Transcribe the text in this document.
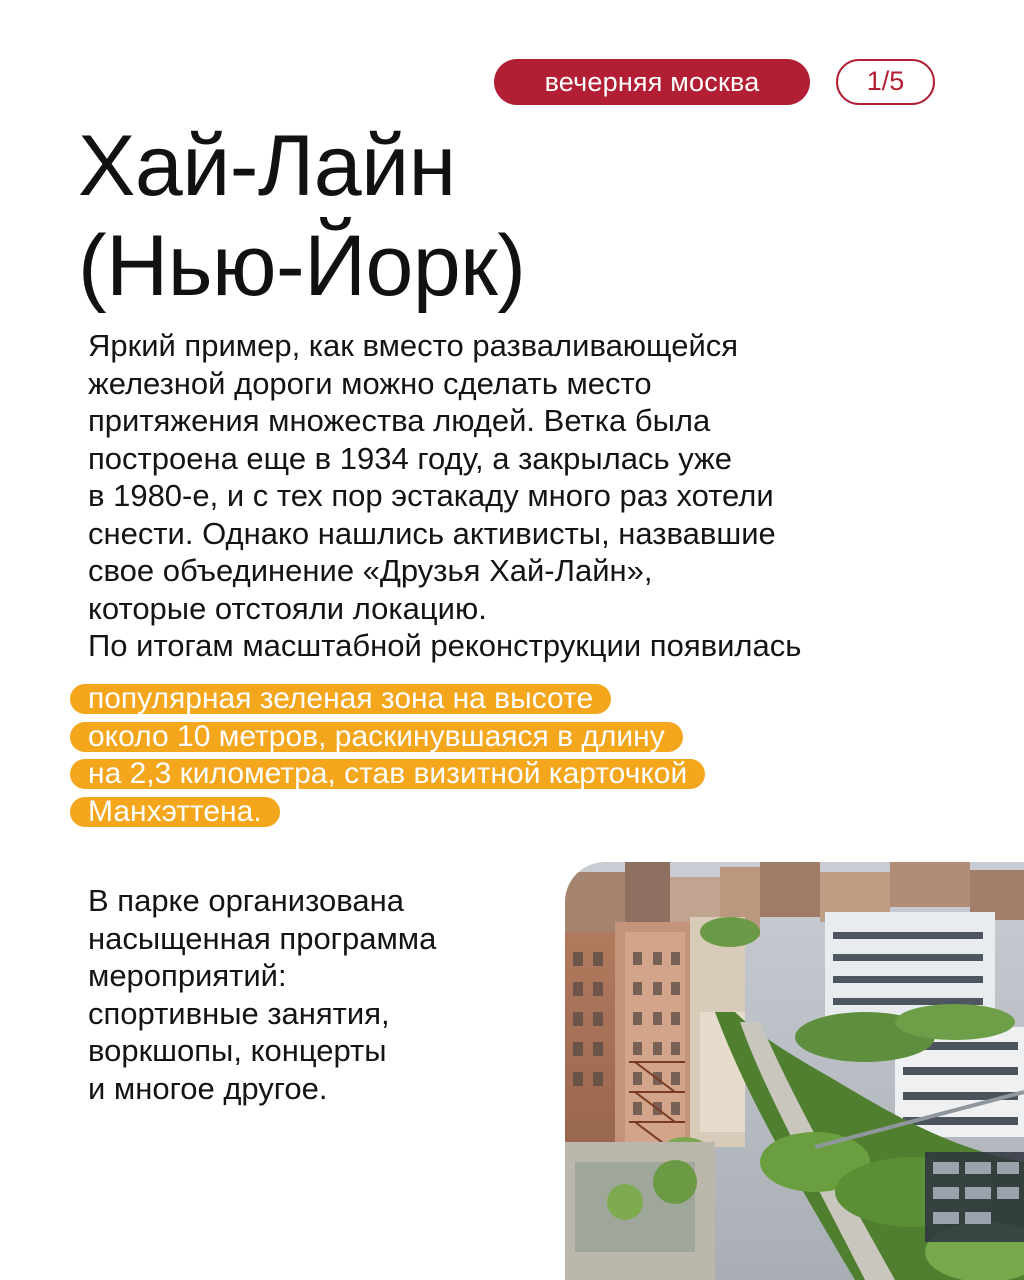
вечерняя москва	1/5
Хай-Лайн
(Нью-Йорк)
Яркий пример, как вместо разваливающейся
железной дороги можно сделать место
притяжения множества людей. Ветка была
построена еще в 1934 году, а закрылась уже
в 1980-е, и с тех пор эстакаду много раз хотели
снести. Однако нашлись активисты, назвавшие
свое объединение «Друзья Хай-Лайн»,
которые отстояли локацию.
По итогам масштабной реконструкции появилась
популярная зеленая зона на высоте
около 10 метров, раскинувшаяся в длину
на 2,3 километра, став визитной карточкой
Манхэттена.
В парке организована
насыщенная программа
мероприятий:
спортивные занятия,
воркшопы, концерты
и многое другое.
